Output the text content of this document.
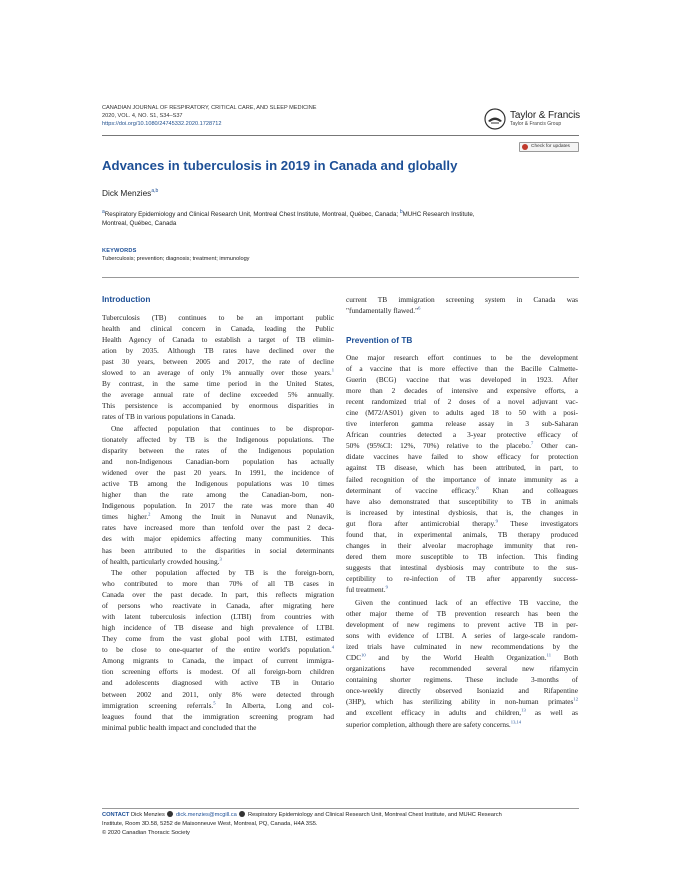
CANADIAN JOURNAL OF RESPIRATORY, CRITICAL CARE, AND SLEEP MEDICINE
2020, VOL. 4, NO. S1, S34–S37
https://doi.org/10.1080/24745332.2020.1728712
Taylor & Francis
Taylor & Francis Group
Check for updates
Advances in tuberculosis in 2019 in Canada and globally
Dick Menzies$^{a,b}$
$^a$Respiratory Epidemiology and Clinical Research Unit, Montreal Chest Institute, Montreal, Québec, Canada; $^b$MUHC Research Institute,
Montreal, Québec, Canada
KEYWORDS
Tuberculosis; prevention; diagnosis; treatment; immunology
Introduction
Prevention of TB
Tuberculosis (TB) continues to be an important public
health and clinical concern in Canada, leading the Public
Health Agency of Canada to establish a target of TB elimin-
ation by 2035. Although TB rates have declined over the
past 30 years, between 2005 and 2017, the rate of decline
slowed to an average of only 1% annually over those years.$^1$
By contrast, in the same time period in the United States,
the average annual rate of decline exceeded 5% annually.
This persistence is accompanied by enormous disparities in
rates of TB in various populations in Canada.
One affected population that continues to be dispropor-
tionately affected by TB is the Indigenous populations. The
disparity between the rates of the Indigenous population
and non-Indigenous Canadian-born population has actually
widened over the past 20 years. In 1991, the incidence of
active TB among the Indigenous populations was 10 times
higher than the rate among the Canadian-born, non-
Indigenous population. In 2017 the rate was more than 40
times higher.$^2$ Among the Inuit in Nunavut and Nunavik,
rates have increased more than tenfold over the past 2 deca-
des with major epidemics affecting many communities. This
has been attributed to the disparities in social determinants
of health, particularly crowded housing.$^3$
The other population affected by TB is the foreign-born,
who contributed to more than 70% of all TB cases in
Canada over the past decade. In part, this reflects migration
of persons who reactivate in Canada, after migrating here
with latent tuberculosis infection (LTBI) from countries with
high incidence of TB disease and high prevalence of LTBI.
They come from the vast global pool with LTBI, estimated
to be close to one-quarter of the entire world's population.$^4$
Among migrants to Canada, the impact of current immigra-
tion screening efforts is modest. Of all foreign-born children
and adolescents diagnosed with active TB in Ontario
between 2002 and 2011, only 8% were detected through
immigration screening referrals.$^5$ In Alberta, Long and col-
leagues found that the immigration screening program had
minimal public health impact and concluded that the
current TB immigration screening system in Canada was
"fundamentally flawed."$^6$
One major research effort continues to be the development
of a vaccine that is more effective than the Bacille Calmette-
Guerin (BCG) vaccine that was developed in 1923. After
more than 2 decades of intensive and expensive efforts, a
recent randomized trial of 2 doses of a novel adjuvant vac-
cine (M72/AS01) given to adults aged 18 to 50 with a posi-
tive interferon gamma release assay in 3 sub-Saharan
African countries detected a 3-year protective efficacy of
50% (95%CI: 12%, 70%) relative to the placebo.$^7$ Other can-
didate vaccines have failed to show efficacy for protection
against TB disease, which has been attributed, in part, to
failed recognition of the importance of innate immunity as a
determinant of vaccine efficacy.$^8$ Khan and colleagues
have also demonstrated that susceptibility to TB in animals
is increased by intestinal dysbiosis, that is, the changes in
gut flora after antimicrobial therapy.$^9$ These investigators
found that, in experimental animals, TB therapy produced
changes in their alveolar macrophage immunity that ren-
dered them more susceptible to TB infection. This finding
suggests that intestinal dysbiosis may contribute to the sus-
ceptibility to re-infection of TB after apparently success-
ful treatment.$^9$
Given the continued lack of an effective TB vaccine, the
other major theme of TB prevention research has been the
development of new regimens to prevent active TB in per-
sons with evidence of LTBI. A series of large-scale random-
ized trials have culminated in new recommendations by the
CDC$^{10}$ and by the World Health Organization.$^{11}$ Both
organizations have recommended several new rifamycin
containing shorter regimens. These include 3-months of
once-weekly directly observed Isoniazid and Rifapentine
(3HP), which has sterilizing ability in non-human primates$^{12}$
and excellent efficacy in adults and children,$^{13}$ as well as
superior completion, although there are safety concerns.$^{13,14}$
CONTACT Dick Menzies dick.menzies@mcgill.ca Respiratory Epidemiology and Clinical Research Unit, Montreal Chest Institute, and MUHC Research
Institute, Room 3D.58, 5252 de Maisonneuve West, Montreal, PQ, Canada, H4A 3S5.
© 2020 Canadian Thoracic Society
